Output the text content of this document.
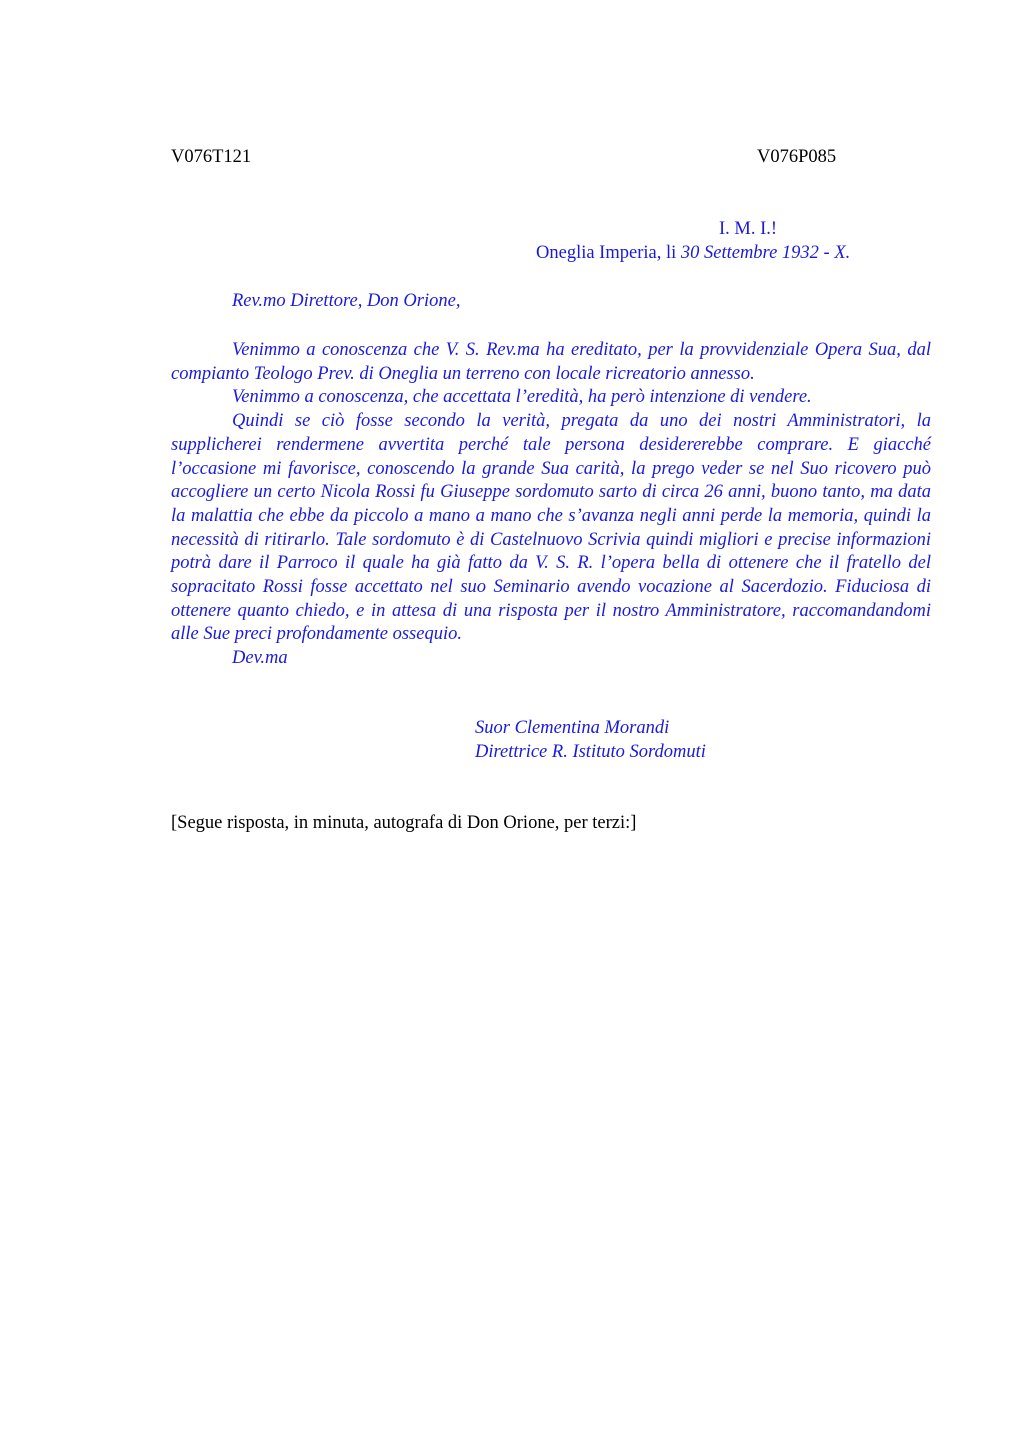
V076T121	V076P085
I. M. I.!
Oneglia Imperia, li 30 Settembre 1932 - X.
Rev.mo Direttore, Don Orione,

Venimmo a conoscenza che V. S. Rev.ma ha ereditato, per la provvidenziale Opera Sua, dal compianto Teologo Prev. di Oneglia un terreno con locale ricreatorio annesso.

Venimmo a conoscenza, che accettata l’eredità, ha però intenzione di vendere.

Quindi se ciò fosse secondo la verità, pregata da uno dei nostri Amministratori, la supplicherei rendermene avvertita perché tale persona desidererebbe comprare. E giacché l’occasione mi favorisce, conoscendo la grande Sua carità, la prego veder se nel Suo ricovero può accogliere un certo Nicola Rossi fu Giuseppe sordomuto sarto di circa 26 anni, buono tanto, ma data la malattia che ebbe da piccolo a mano a mano che s’avanza negli anni perde la memoria, quindi la necessità di ritirarlo. Tale sordomuto è di Castelnuovo Scrivia quindi migliori e precise informazioni potrà dare il Parroco il quale ha già fatto da V. S. R. l’opera bella di ottenere che il fratello del sopracitato Rossi fosse accettato nel suo Seminario avendo vocazione al Sacerdozio. Fiduciosa di ottenere quanto chiedo, e in attesa di una risposta per il nostro Amministratore, raccomandandomi alle Sue preci profondamente ossequio.

Dev.ma

Suor Clementina Morandi
Direttrice R. Istituto Sordomuti
[Segue risposta, in minuta, autografa di Don Orione, per terzi:]
